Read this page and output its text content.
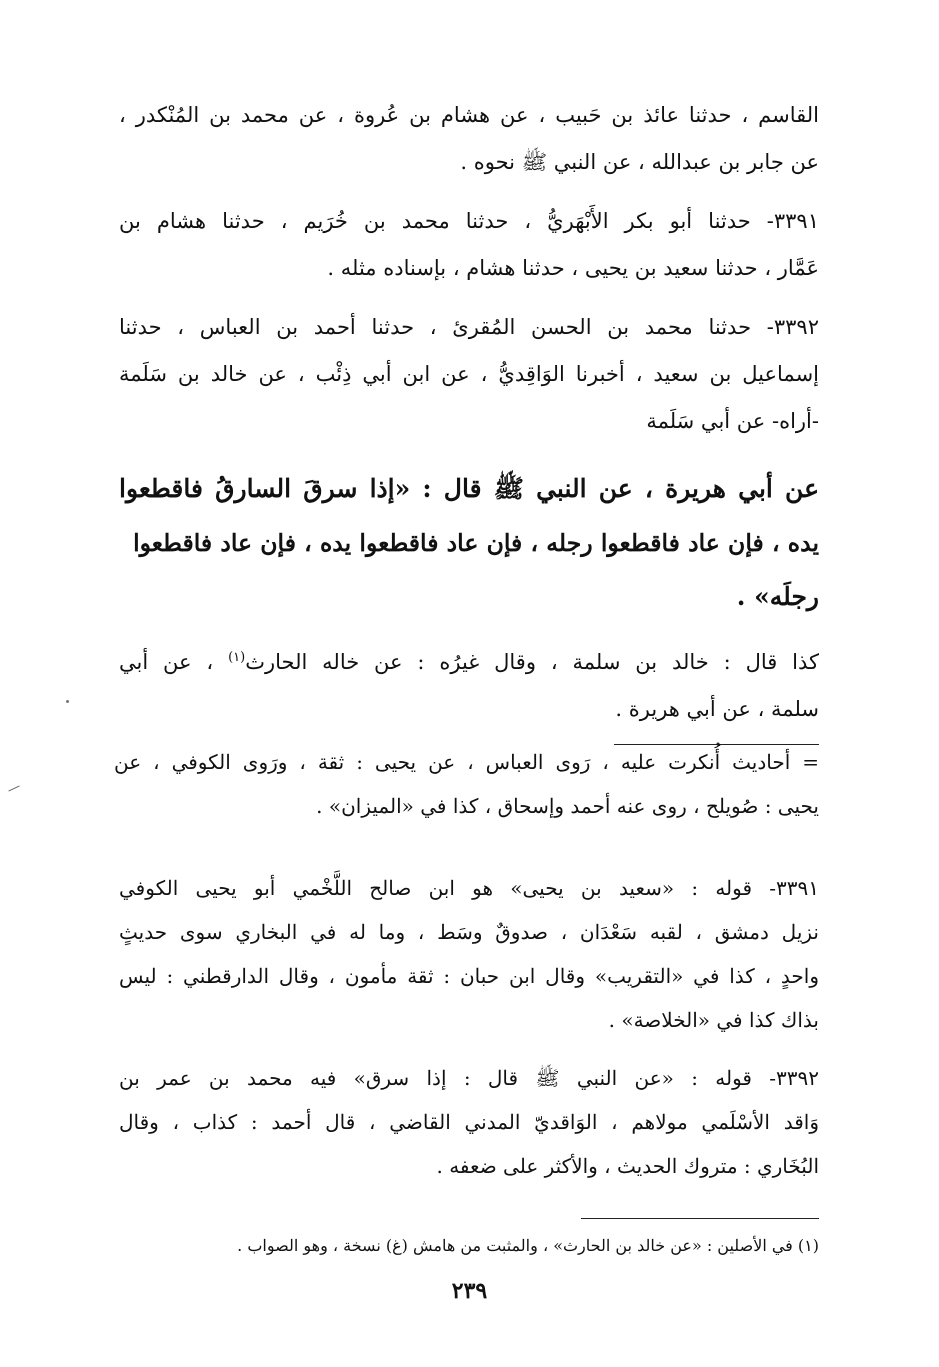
القاسم ، حدثنا عائذ بن حَبيب ، عن هشام بن عُروة ، عن محمد بن المُنْكدر ،
عن جابر بن عبدالله ، عن النبي ﷺ نحوه .
٣٣٩١- حدثنا أبو بكر الأَبْهَريُّ ، حدثنا محمد بن خُرَيم ، حدثنا هشام بن
عَمَّار ، حدثنا سعيد بن يحيى ، حدثنا هشام ، بإسناده مثله .
٣٣٩٢- حدثنا محمد بن الحسن المُقرئ ، حدثنا أحمد بن العباس ، حدثنا
إسماعيل بن سعيد ، أخبرنا الوَاقِديُّ ، عن ابن أبي ذِئْب ، عن خالد بن سَلَمة
-أراه- عن أبي سَلَمة
عن أبي هريرة ، عن النبي ﷺ قال : «إذا سرقَ السارقُ فاقطعوا
يده ، فإن عاد فاقطعوا رجله ، فإن عاد فاقطعوا يده ، فإن عاد فاقطعوا
رجلَه» .
كذا قال : خالد بن سلمة ، وقال غيرُه : عن خاله الحارث$^{(١)}$ ، عن أبي
سلمة ، عن أبي هريرة .
= أحاديث أُنكرت عليه ، رَوى العباس ، عن يحيى : ثقة ، ورَوى الكوفي ، عن
يحيى : صُويلح ، روى عنه أحمد وإسحاق ، كذا في «الميزان» .
٣٣٩١- قوله : «سعيد بن يحيى» هو ابن صالح اللَّخْمي أبو يحيى الكوفي
نزيل دمشق ، لقبه سَعْدَان ، صدوقٌ وسَط ، وما له في البخاري سوى حديثٍ
واحدٍ ، كذا في «التقريب» وقال ابن حبان : ثقة مأمون ، وقال الدارقطني : ليس
بذاك كذا في «الخلاصة» .
٣٣٩٢- قوله : «عن النبي ﷺ قال : إذا سرق» فيه محمد بن عمر بن
وَاقد الأسْلَمي مولاهم ، الوَاقديّ المدني القاضي ، قال أحمد : كذاب ، وقال
البُخَاري : متروك الحديث ، والأكثر على ضعفه .
(١) في الأصلين : «عن خالد بن الحارث» ، والمثبت من هامش (غ) نسخة ، وهو الصواب .
٢٣٩
